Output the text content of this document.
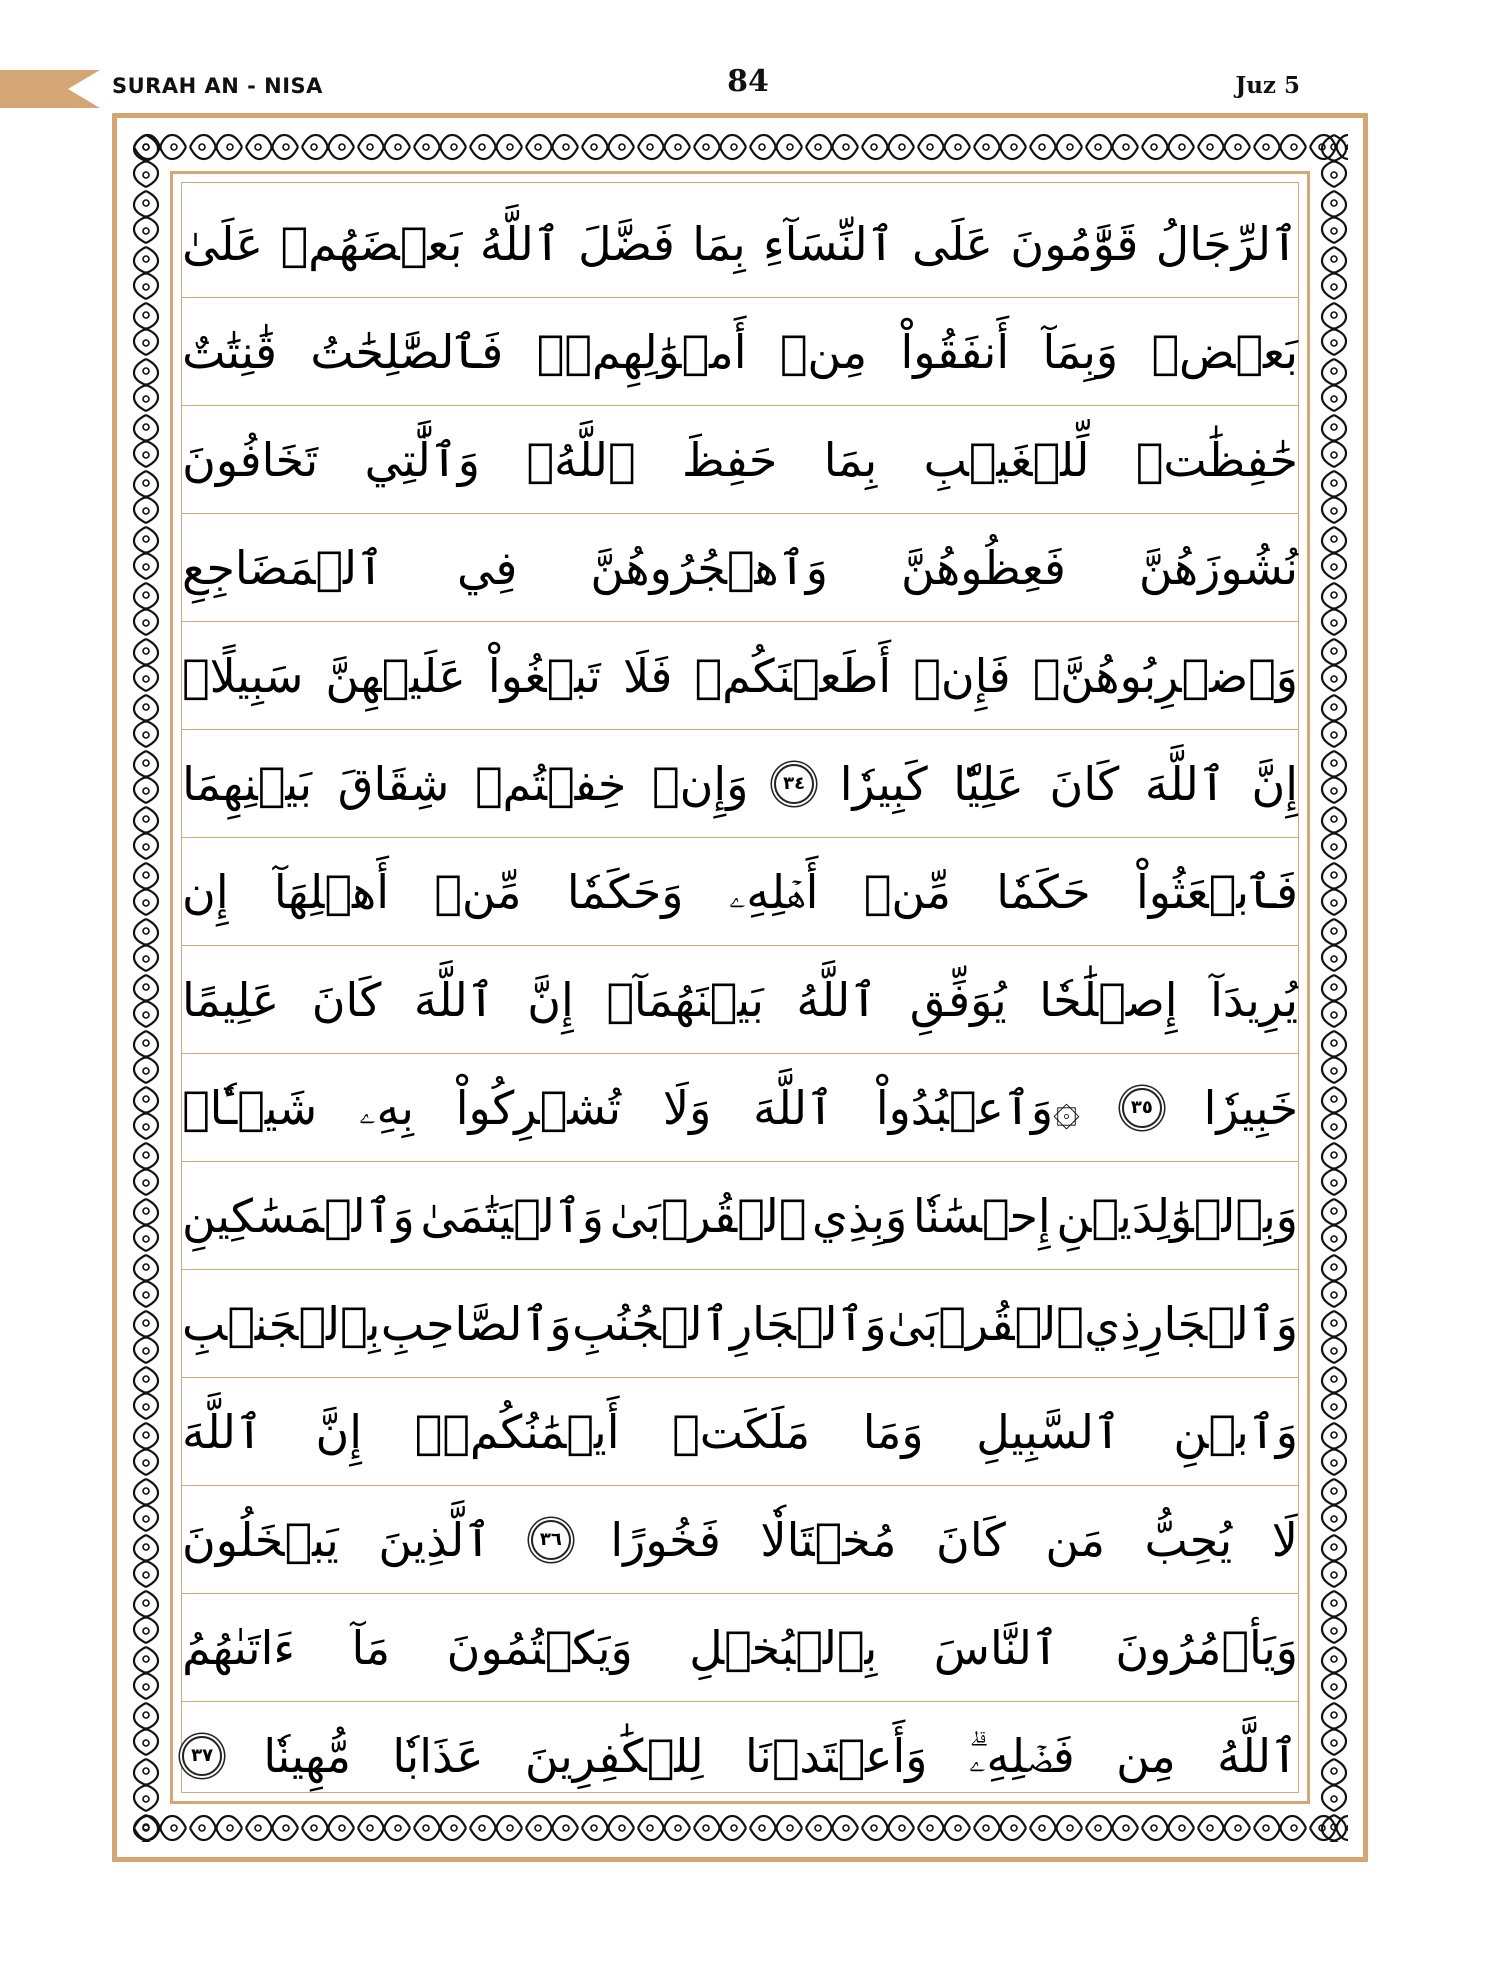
SURAH AN - NISA	84	Juz 5
ٱلرِّجَالُ
قَوَّٰمُونَ
عَلَى
ٱلنِّسَآءِ
بِمَا
فَضَّلَ
ٱللَّهُ
بَعۡضَهُمۡ
عَلَىٰ
بَعۡضٖ
وَبِمَآ
أَنفَقُواْ
مِنۡ
أَمۡوَٰلِهِمۡۚ
فَٱلصَّٰلِحَٰتُ
قَٰنِتَٰتٌ
حَٰفِظَٰتٞ
لِّلۡغَيۡبِ
بِمَا
حَفِظَ
ٱللَّهُۚ
وَٱلَّٰتِي
تَخَافُونَ
نُشُوزَهُنَّ
فَعِظُوهُنَّ
وَٱهۡجُرُوهُنَّ
فِي
ٱلۡمَضَاجِعِ
وَٱضۡرِبُوهُنَّۖ
فَإِنۡ
أَطَعۡنَكُمۡ
فَلَا
تَبۡغُواْ
عَلَيۡهِنَّ
سَبِيلًاۗ
إِنَّ
ٱللَّهَ
كَانَ
عَلِيّٗا
كَبِيرٗا
٣٤
وَإِنۡ
خِفۡتُمۡ
شِقَاقَ
بَيۡنِهِمَا
فَٱبۡعَثُواْ
حَكَمٗا
مِّنۡ
أَهۡلِهِۦ
وَحَكَمٗا
مِّنۡ
أَهۡلِهَآ
إِن
يُرِيدَآ
إِصۡلَٰحٗا
يُوَفِّقِ
ٱللَّهُ
بَيۡنَهُمَآۗ
إِنَّ
ٱللَّهَ
كَانَ
عَلِيمًا
خَبِيرٗا
٣٥
۞وَٱعۡبُدُواْ
ٱللَّهَ
وَلَا
تُشۡرِكُواْ
بِهِۦ
شَيۡـٔٗاۖ
وَبِٱلۡوَٰلِدَيۡنِ
إِحۡسَٰنٗا
وَبِذِي
ٱلۡقُرۡبَىٰ
وَٱلۡيَتَٰمَىٰ
وَٱلۡمَسَٰكِينِ
وَٱلۡجَارِ
ذِي
ٱلۡقُرۡبَىٰ
وَٱلۡجَارِ
ٱلۡجُنُبِ
وَٱلصَّاحِبِ
بِٱلۡجَنۢبِ
وَٱبۡنِ
ٱلسَّبِيلِ
وَمَا
مَلَكَتۡ
أَيۡمَٰنُكُمۡۗ
إِنَّ
ٱللَّهَ
لَا
يُحِبُّ
مَن
كَانَ
مُخۡتَالٗا
فَخُورًا
٣٦
ٱلَّذِينَ
يَبۡخَلُونَ
وَيَأۡمُرُونَ
ٱلنَّاسَ
بِٱلۡبُخۡلِ
وَيَكۡتُمُونَ
مَآ
ءَاتَىٰهُمُ
ٱللَّهُ
مِن
فَضۡلِهِۦۗ
وَأَعۡتَدۡنَا
لِلۡكَٰفِرِينَ
عَذَابٗا
مُّهِينٗا
٣٧
